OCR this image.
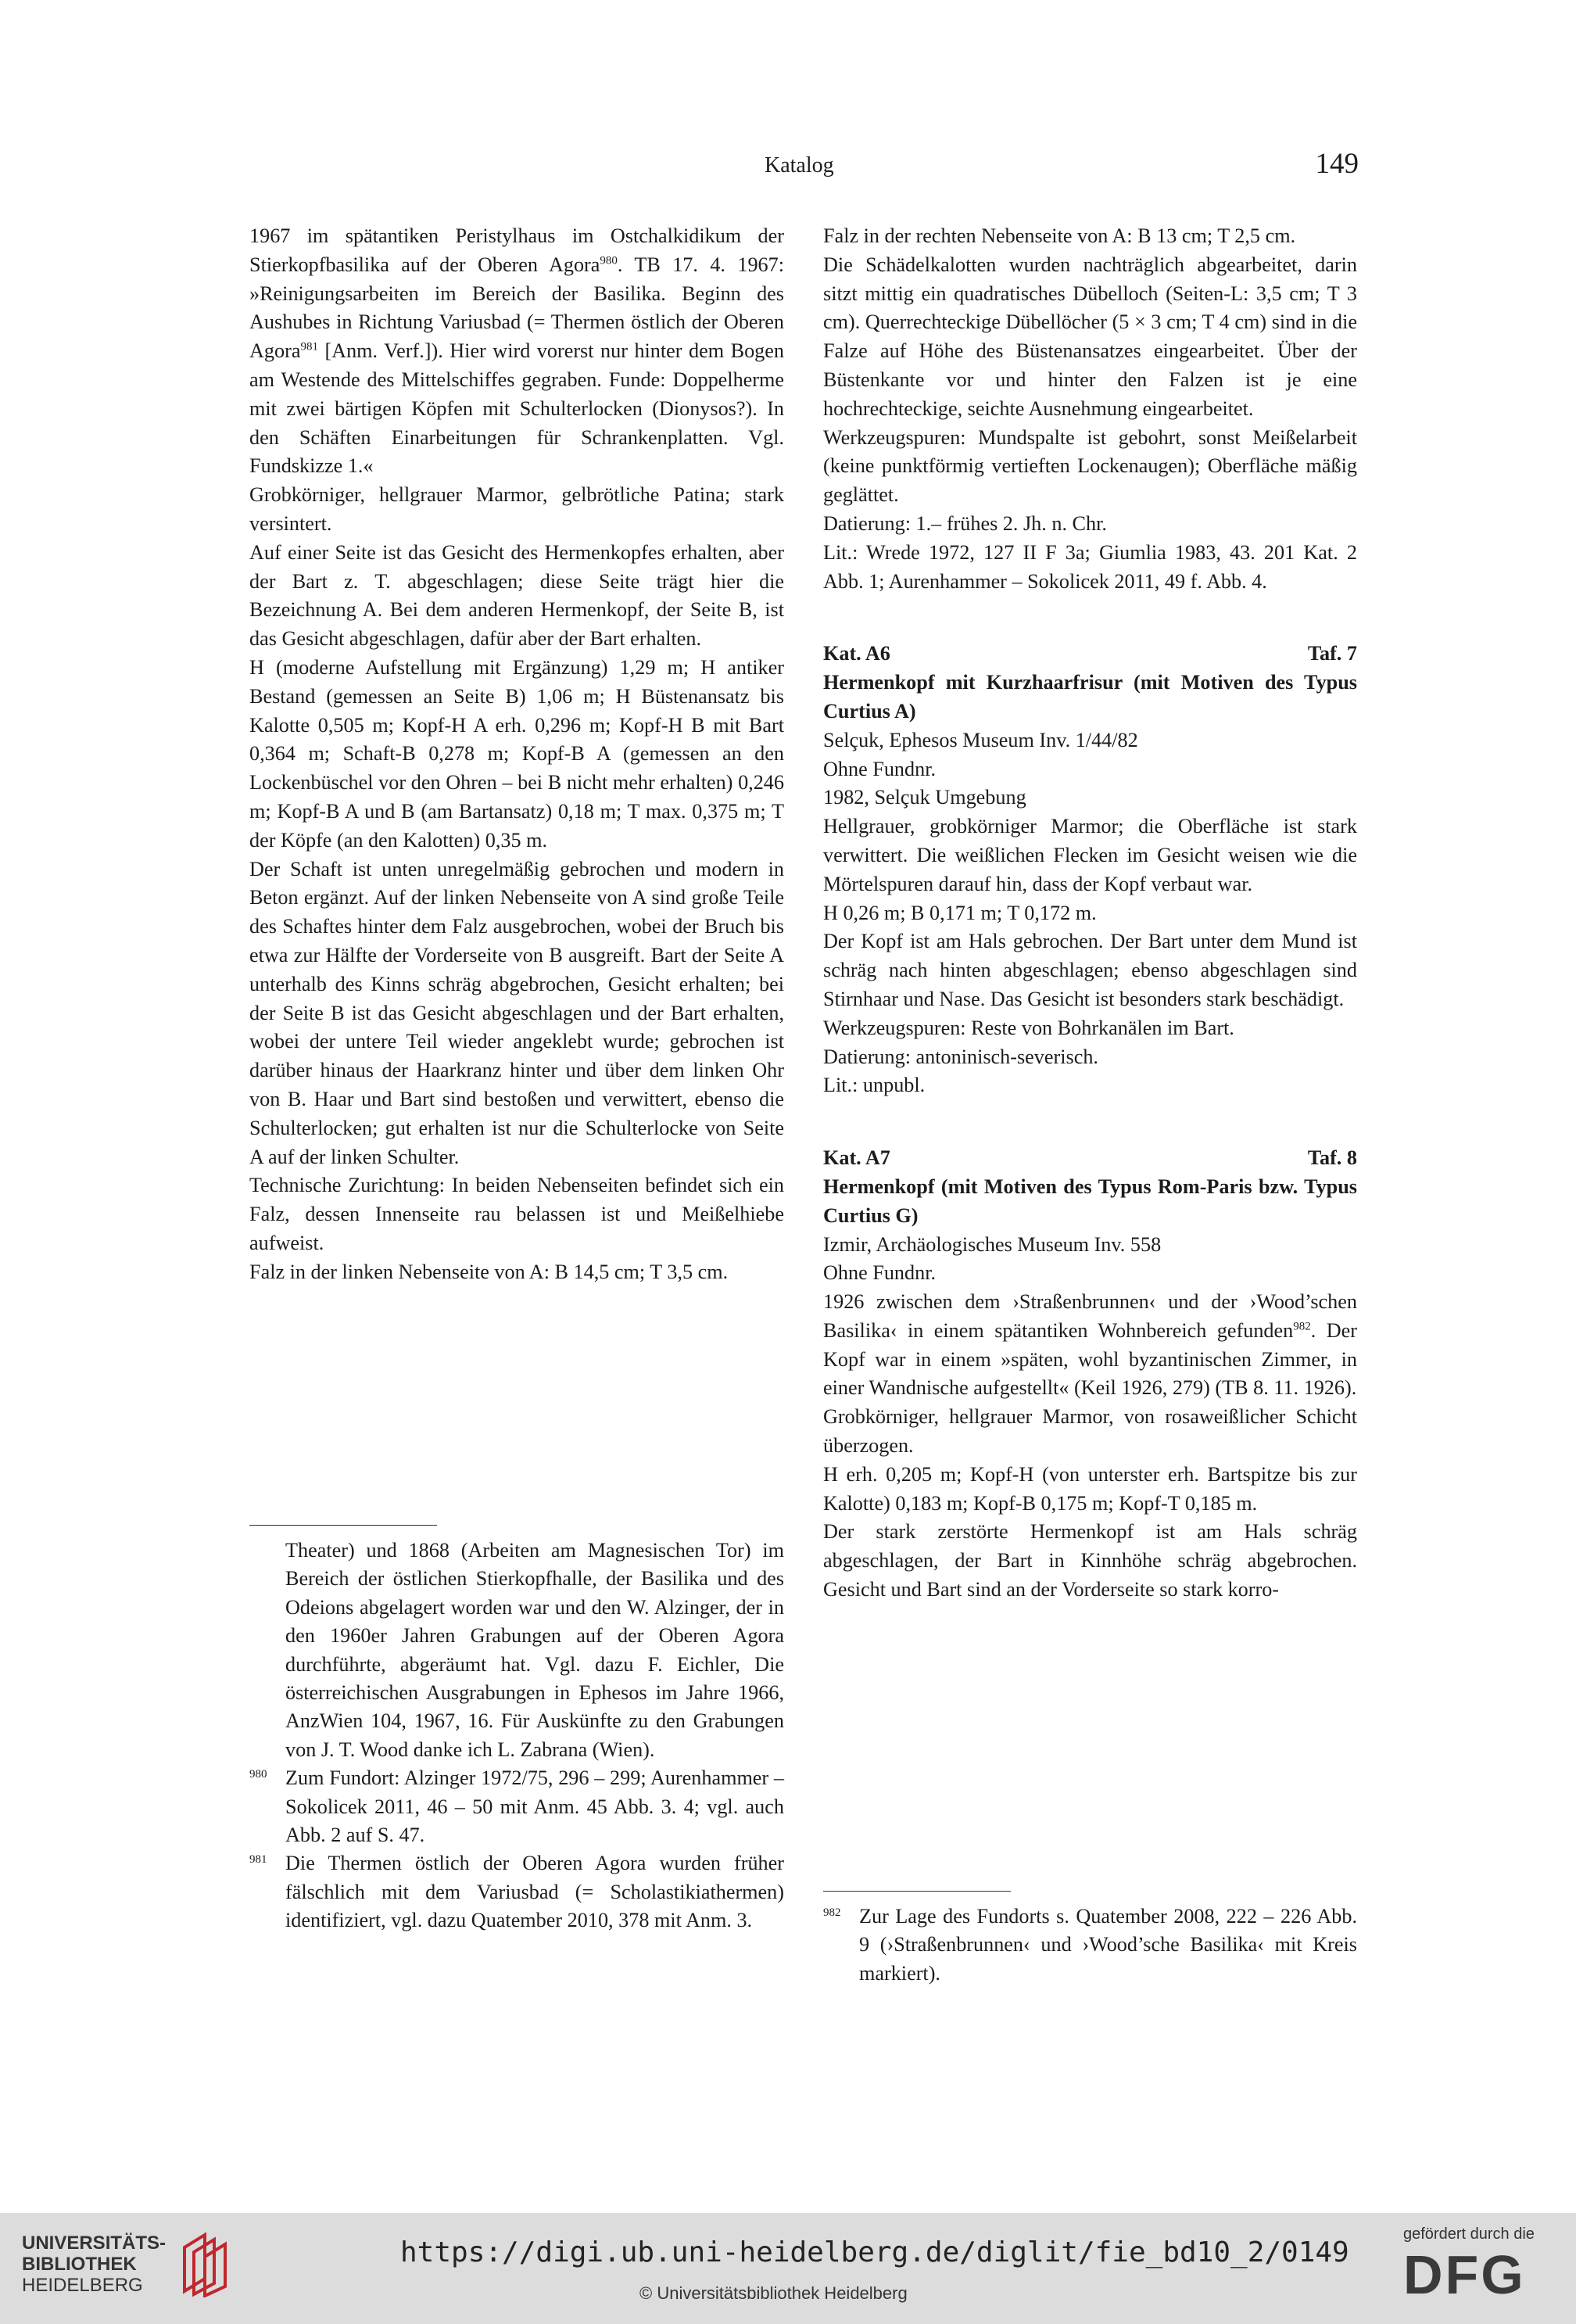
Katalog	149

1967 im spätantiken Peristylhaus im Ostchalkidikum der Stierkopfbasilika auf der Oberen Agora$^{980}$. TB 17. 4. 1967: »Reinigungsarbeiten im Bereich der Basilika. Beginn des Aushubes in Richtung Variusbad (= Thermen östlich der Oberen Agora$^{981}$ [Anm. Verf.]). Hier wird vorerst nur hinter dem Bogen am Westende des Mittelschiffes gegraben. Funde: Doppelherme mit zwei bärtigen Köpfen mit Schulterlocken (Dionysos?). In den Schäften Einarbeitungen für Schrankenplatten. Vgl. Fundskizze 1.«

Grobkörniger, hellgrauer Marmor, gelbrötliche Patina; stark versintert.

Auf einer Seite ist das Gesicht des Hermenkopfes erhalten, aber der Bart z. T. abgeschlagen; diese Seite trägt hier die Bezeichnung A. Bei dem anderen Hermenkopf, der Seite B, ist das Gesicht abgeschlagen, dafür aber der Bart erhalten.

H (moderne Aufstellung mit Ergänzung) 1,29 m; H antiker Bestand (gemessen an Seite B) 1,06 m; H Büstenansatz bis Kalotte 0,505 m; Kopf-H A erh. 0,296 m; Kopf-H B mit Bart 0,364 m; Schaft-B 0,278 m; Kopf-B A (gemessen an den Lockenbüschel vor den Ohren – bei B nicht mehr erhalten) 0,246 m; Kopf-B A und B (am Bartansatz) 0,18 m; T max. 0,375 m; T der Köpfe (an den Kalotten) 0,35 m.

Der Schaft ist unten unregelmäßig gebrochen und modern in Beton ergänzt. Auf der linken Nebenseite von A sind große Teile des Schaftes hinter dem Falz ausgebrochen, wobei der Bruch bis etwa zur Hälfte der Vorderseite von B ausgreift. Bart der Seite A unterhalb des Kinns schräg abgebrochen, Gesicht erhalten; bei der Seite B ist das Gesicht abgeschlagen und der Bart erhalten, wobei der untere Teil wieder angeklebt wurde; gebrochen ist darüber hinaus der Haarkranz hinter und über dem linken Ohr von B. Haar und Bart sind bestoßen und verwittert, ebenso die Schulterlocken; gut erhalten ist nur die Schulterlocke von Seite A auf der linken Schulter.

Technische Zurichtung: In beiden Nebenseiten befindet sich ein Falz, dessen Innenseite rau belassen ist und Meißelhiebe aufweist.

Falz in der linken Nebenseite von A: B 14,5 cm; T 3,5 cm.

Falz in der rechten Nebenseite von A: B 13 cm; T 2,5 cm.

Die Schädelkalotten wurden nachträglich abgearbeitet, darin sitzt mittig ein quadratisches Dübelloch (Seiten-L: 3,5 cm; T 3 cm). Querrechteckige Dübellöcher (5 × 3 cm; T 4 cm) sind in die Falze auf Höhe des Büstenansatzes eingearbeitet. Über der Büstenkante vor und hinter den Falzen ist je eine hochrechteckige, seichte Ausnehmung eingearbeitet.

Werkzeugspuren: Mundspalte ist gebohrt, sonst Meißelarbeit (keine punktförmig vertieften Lockenaugen); Oberfläche mäßig geglättet.

Datierung: 1.– frühes 2. Jh. n. Chr.

Lit.: Wrede 1972, 127 II F 3a; Giumlia 1983, 43. 201 Kat. 2 Abb. 1; Aurenhammer – Sokolicek 2011, 49 f. Abb. 4.

Kat. A6	Taf. 7

Hermenkopf mit Kurzhaarfrisur (mit Motiven des Typus Curtius A)

Selçuk, Ephesos Museum Inv. 1/44/82

Ohne Fundnr.

1982, Selçuk Umgebung

Hellgrauer, grobkörniger Marmor; die Oberfläche ist stark verwittert. Die weißlichen Flecken im Gesicht weisen wie die Mörtelspuren darauf hin, dass der Kopf verbaut war.

H 0,26 m; B 0,171 m; T 0,172 m.

Der Kopf ist am Hals gebrochen. Der Bart unter dem Mund ist schräg nach hinten abgeschlagen; ebenso abgeschlagen sind Stirnhaar und Nase. Das Gesicht ist besonders stark beschädigt.

Werkzeugspuren: Reste von Bohrkanälen im Bart.

Datierung: antoninisch-severisch.

Lit.: unpubl.

Kat. A7	Taf. 8

Hermenkopf (mit Motiven des Typus Rom-Paris bzw. Typus Curtius G)

Izmir, Archäologisches Museum Inv. 558

Ohne Fundnr.

1926 zwischen dem ›Straßenbrunnen‹ und der ›Wood’schen Basilika‹ in einem spätantiken Wohnbereich gefunden$^{982}$. Der Kopf war in einem »späten, wohl byzantinischen Zimmer, in einer Wandnische aufgestellt« (Keil 1926, 279) (TB 8. 11. 1926).

Grobkörniger, hellgrauer Marmor, von rosaweißlicher Schicht überzogen.

H erh. 0,205 m; Kopf-H (von unterster erh. Bartspitze bis zur Kalotte) 0,183 m; Kopf-B 0,175 m; Kopf-T 0,185 m.

Der stark zerstörte Hermenkopf ist am Hals schräg abgeschlagen, der Bart in Kinnhöhe schräg abgebrochen. Gesicht und Bart sind an der Vorderseite so stark korro-

Theater) und 1868 (Arbeiten am Magnesischen Tor) im Bereich der östlichen Stierkopfhalle, der Basilika und des Odeions abgelagert worden war und den W. Alzinger, der in den 1960er Jahren Grabungen auf der Oberen Agora durchführte, abgeräumt hat. Vgl. dazu F. Eichler, Die österreichischen Ausgrabungen in Ephesos im Jahre 1966, AnzWien 104, 1967, 16. Für Auskünfte zu den Grabungen von J. T. Wood danke ich L. Zabrana (Wien).
980 Zum Fundort: Alzinger 1972/75, 296 – 299; Aurenhammer – Sokolicek 2011, 46 – 50 mit Anm. 45 Abb. 3. 4; vgl. auch Abb. 2 auf S. 47.
981 Die Thermen östlich der Oberen Agora wurden früher fälschlich mit dem Variusbad (= Scholastikiathermen) identifiziert, vgl. dazu Quatember 2010, 378 mit Anm. 3.	982 Zur Lage des Fundorts s. Quatember 2008, 222 – 226 Abb. 9 (›Straßenbrunnen‹ und ›Wood’sche Basilika‹ mit Kreis markiert).
UNIVERSITÄTS-
BIBLIOTHEK
HEIDELBERG
https://digi.ub.uni-heidelberg.de/diglit/fie_bd10_2/0149
© Universitätsbibliothek Heidelberg
gefördert durch die
DFG
